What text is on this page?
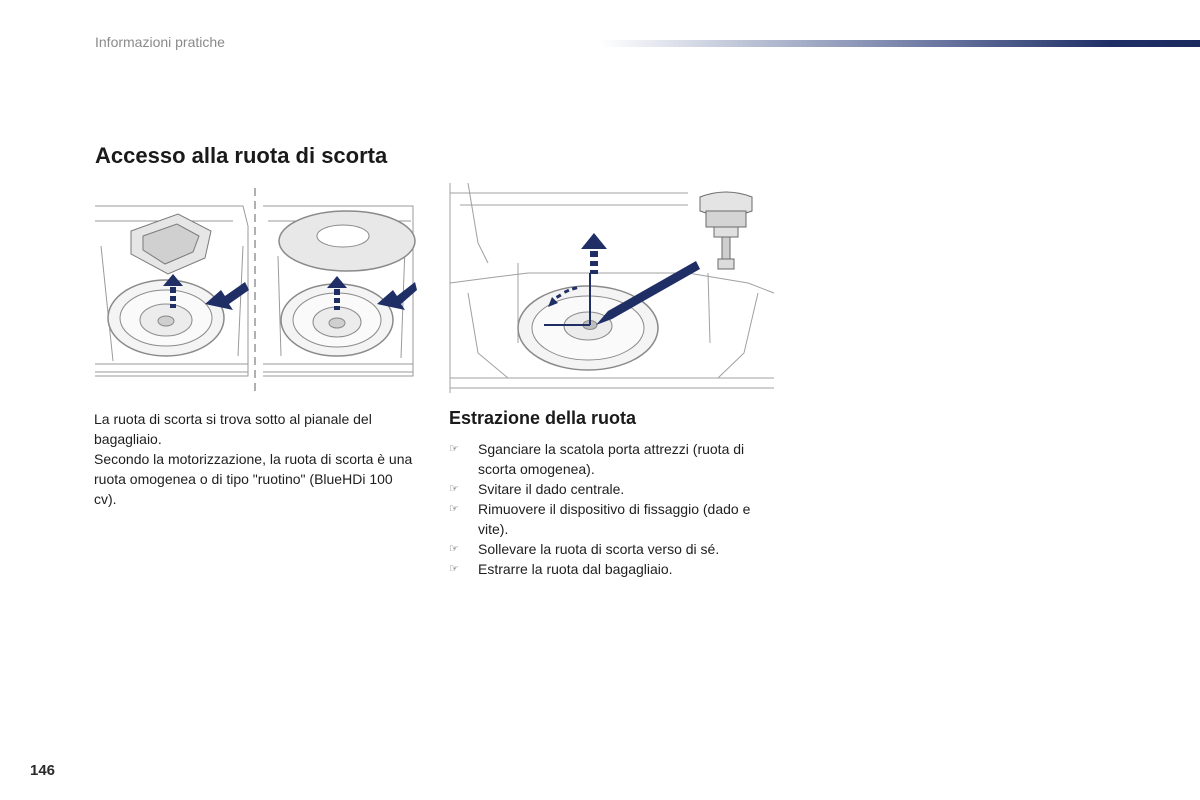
Informazioni pratiche
Accesso alla ruota di scorta

La ruota di scorta si trova sotto al pianale del bagagliaio.

Secondo la motorizzazione, la ruota di scorta è una ruota omogenea o di tipo "ruotino" (BlueHDi 100 cv).

Estrazione della ruota
☞ Sganciare la scatola porta attrezzi (ruota di scorta omogenea).
☞ Svitare il dado centrale.
☞ Rimuovere il dispositivo di fissaggio (dado e vite).
☞ Sollevare la ruota di scorta verso di sé.
☞ Estrarre la ruota dal bagagliaio.
146
